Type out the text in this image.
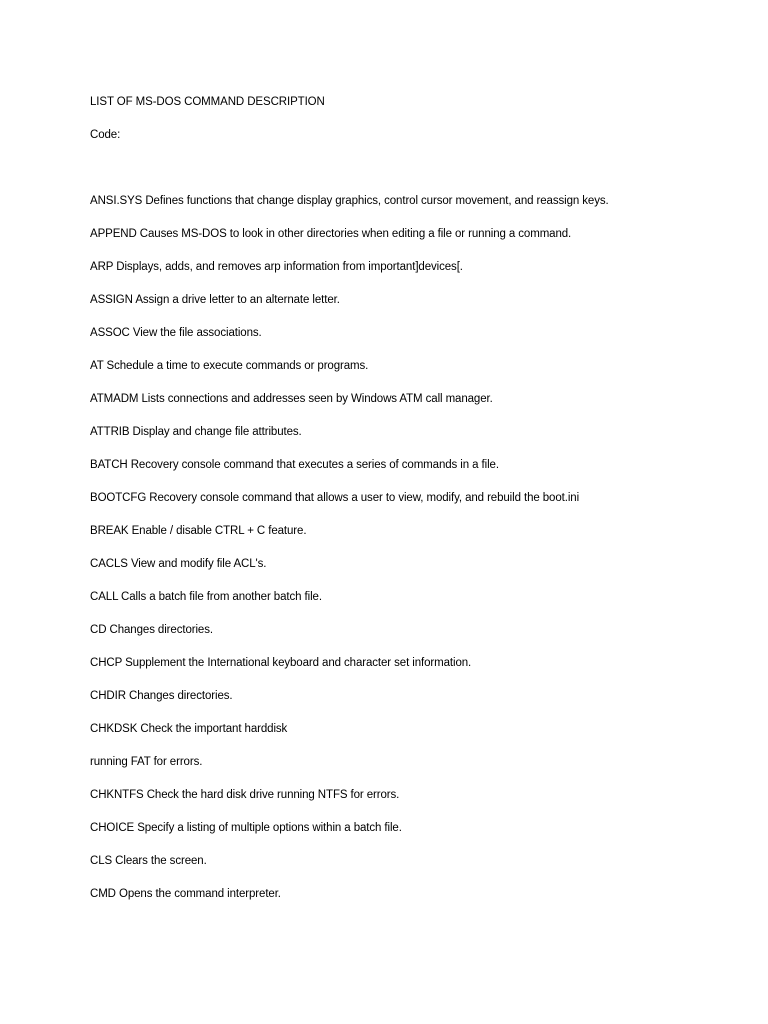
LIST OF MS-DOS COMMAND DESCRIPTION

Code:

ANSI.SYS Defines functions that change display graphics, control cursor movement, and reassign keys.

APPEND Causes MS-DOS to look in other directories when editing a file or running a command.

ARP Displays, adds, and removes arp information from important]devices[.

ASSIGN Assign a drive letter to an alternate letter.

ASSOC View the file associations.

AT Schedule a time to execute commands or programs.

ATMADM Lists connections and addresses seen by Windows ATM call manager.

ATTRIB Display and change file attributes.

BATCH Recovery console command that executes a series of commands in a file.

BOOTCFG Recovery console command that allows a user to view, modify, and rebuild the boot.ini

BREAK Enable / disable CTRL + C feature.

CACLS View and modify file ACL's.

CALL Calls a batch file from another batch file.

CD Changes directories.

CHCP Supplement the International keyboard and character set information.

CHDIR Changes directories.

CHKDSK Check the important harddisk

running FAT for errors.

CHKNTFS Check the hard disk drive running NTFS for errors.

CHOICE Specify a listing of multiple options within a batch file.

CLS Clears the screen.

CMD Opens the command interpreter.
